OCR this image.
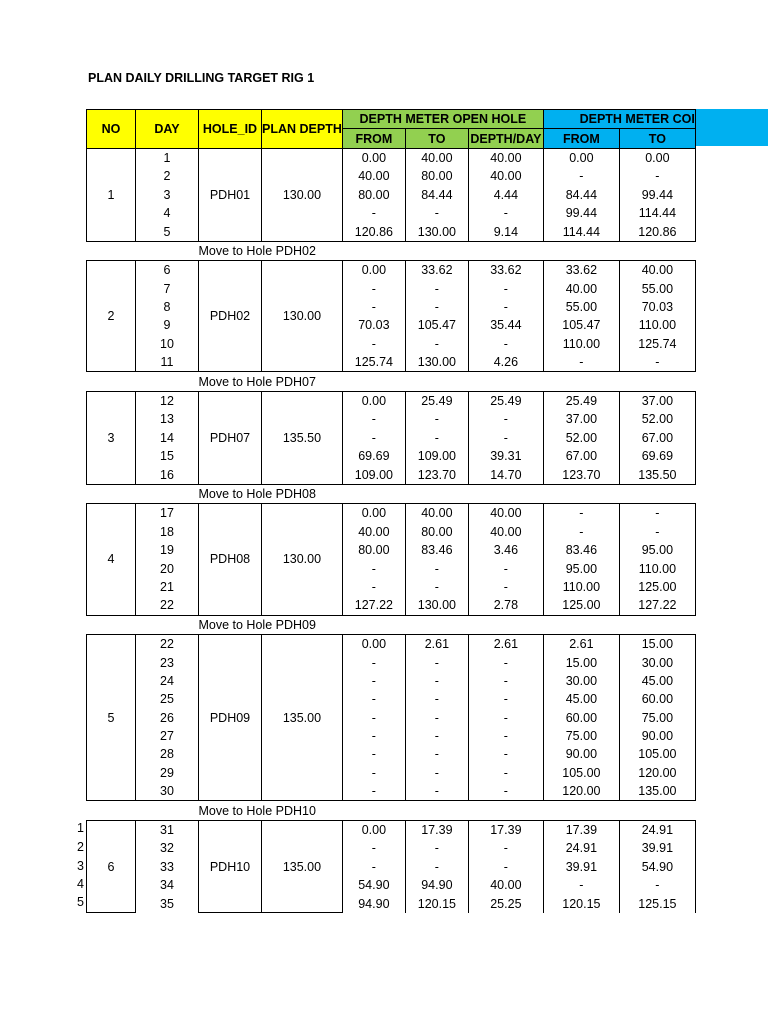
PLAN DAILY DRILLING TARGET RIG 1
NO	DAY	HOLE_ID	PLAN DEPTH	DEPTH METER OPEN HOLE			DEPTH METER COI	
				FROM	TO	DEPTH/DAY	FROM	TO
1	1	PDH01	130.00	0.00	40.00	40.00	0.00	0.00
	2			40.00	80.00	40.00	-	-
	3			80.00	84.44	4.44	84.44	99.44
	4			-	-	-	99.44	114.44
	5			120.86	130.00	9.14	114.44	120.86
		Move to Hole PDH02						
2	6	PDH02	130.00	0.00	33.62	33.62	33.62	40.00
	7			-	-	-	40.00	55.00
	8			-	-	-	55.00	70.03
	9			70.03	105.47	35.44	105.47	110.00
	10			-	-	-	110.00	125.74
	11			125.74	130.00	4.26	-	-
		Move to Hole PDH07						
3	12	PDH07	135.50	0.00	25.49	25.49	25.49	37.00
	13			-	-	-	37.00	52.00
	14			-	-	-	52.00	67.00
	15			69.69	109.00	39.31	67.00	69.69
	16			109.00	123.70	14.70	123.70	135.50
		Move to Hole PDH08						
4	17	PDH08	130.00	0.00	40.00	40.00	-	-
	18			40.00	80.00	40.00	-	-
	19			80.00	83.46	3.46	83.46	95.00
	20			-	-	-	95.00	110.00
	21			-	-	-	110.00	125.00
	22			127.22	130.00	2.78	125.00	127.22
		Move to Hole PDH09						
5	22	PDH09	135.00	0.00	2.61	2.61	2.61	15.00
	23			-	-	-	15.00	30.00
	24			-	-	-	30.00	45.00
	25			-	-	-	45.00	60.00
	26			-	-	-	60.00	75.00
	27			-	-	-	75.00	90.00
	28			-	-	-	90.00	105.00
	29			-	-	-	105.00	120.00
	30			-	-	-	120.00	135.00
		Move to Hole PDH10						
6	31	PDH10	135.00	0.00	17.39	17.39	17.39	24.91
	32			-	-	-	24.91	39.91
	33			-	-	-	39.91	54.90
	34			54.90	94.90	40.00	-	-
	35			94.90	120.15	25.25	120.15	125.15
1
2
3
4
5
